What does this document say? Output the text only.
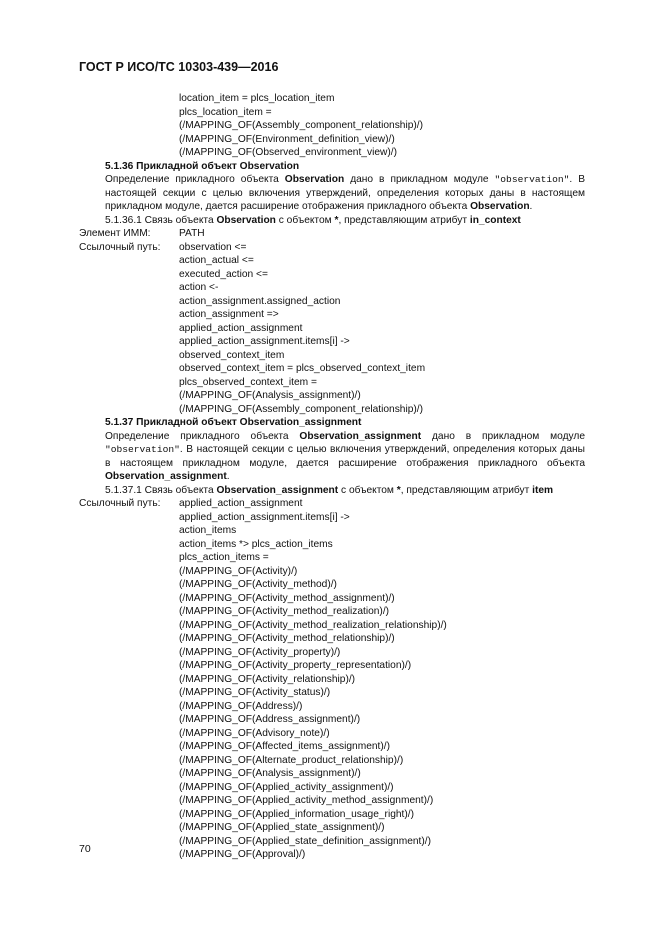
ГОСТ Р ИСО/ТС 10303-439—2016
location_item = plcs_location_item
plcs_location_item =
(/MAPPING_OF(Assembly_component_relationship)/)
(/MAPPING_OF(Environment_definition_view)/)
(/MAPPING_OF(Observed_environment_view)/)
5.1.36 Прикладной объект Observation
Определение прикладного объекта Observation дано в прикладном модуле "observation". В настоящей секции с целью включения утверждений, определения которых даны в настоящем прикладном модуле, дается расширение отображения прикладного объекта Observation.
5.1.36.1 Связь объекта Observation с объектом *, представляющим атрибут in_context
Элемент ИММ:	PATH
Ссылочный путь:	observation <=
action_actual <=
executed_action <=
action <-
action_assignment.assigned_action
action_assignment =>
applied_action_assignment
applied_action_assignment.items[i] ->
observed_context_item
observed_context_item = plcs_observed_context_item
plcs_observed_context_item =
(/MAPPING_OF(Analysis_assignment)/)
(/MAPPING_OF(Assembly_component_relationship)/)
5.1.37 Прикладной объект Observation_assignment
Определение прикладного объекта Observation_assignment дано в прикладном модуле "observation". В настоящей секции с целью включения утверждений, определения которых даны в настоящем прикладном модуле, дается расширение отображения прикладного объекта Observation_assignment.
5.1.37.1 Связь объекта Observation_assignment с объектом *, представляющим атрибут item
Ссылочный путь:	applied_action_assignment
applied_action_assignment.items[i] ->
action_items
action_items *> plcs_action_items
plcs_action_items =
(/MAPPING_OF(Activity)/)
(/MAPPING_OF(Activity_method)/)
(/MAPPING_OF(Activity_method_assignment)/)
(/MAPPING_OF(Activity_method_realization)/)
(/MAPPING_OF(Activity_method_realization_relationship)/)
(/MAPPING_OF(Activity_method_relationship)/)
(/MAPPING_OF(Activity_property)/)
(/MAPPING_OF(Activity_property_representation)/)
(/MAPPING_OF(Activity_relationship)/)
(/MAPPING_OF(Activity_status)/)
(/MAPPING_OF(Address)/)
(/MAPPING_OF(Address_assignment)/)
(/MAPPING_OF(Advisory_note)/)
(/MAPPING_OF(Affected_items_assignment)/)
(/MAPPING_OF(Alternate_product_relationship)/)
(/MAPPING_OF(Analysis_assignment)/)
(/MAPPING_OF(Applied_activity_assignment)/)
(/MAPPING_OF(Applied_activity_method_assignment)/)
(/MAPPING_OF(Applied_information_usage_right)/)
(/MAPPING_OF(Applied_state_assignment)/)
(/MAPPING_OF(Applied_state_definition_assignment)/)
(/MAPPING_OF(Approval)/)
70
